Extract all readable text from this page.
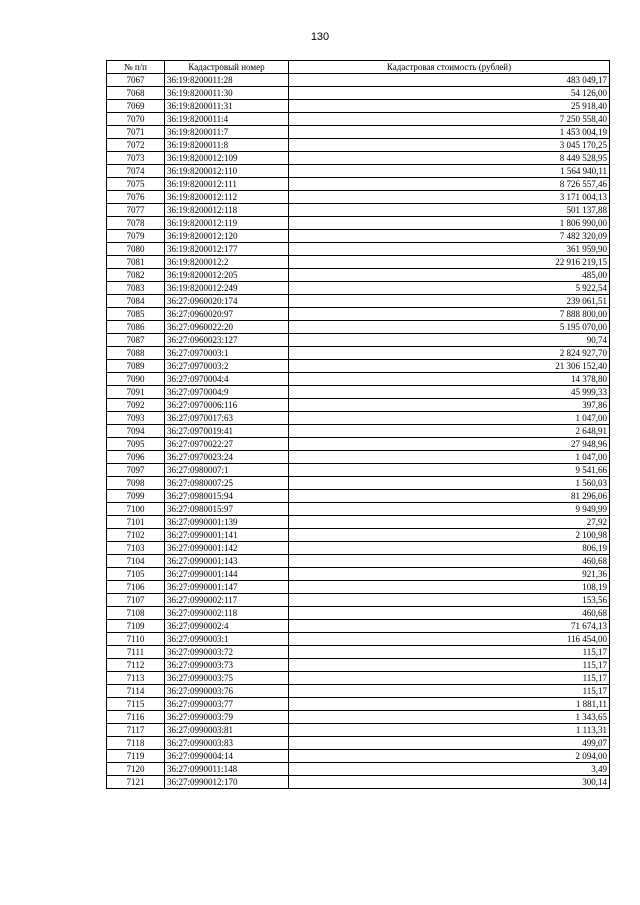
130
№ п/п	Кадастровый номер	Кадастровая стоимость (рублей)
7067	36:19:8200011:28	483 049,17
7068	36:19:8200011:30	54 126,00
7069	36:19:8200011:31	25 918,40
7070	36:19:8200011:4	7 250 558,40
7071	36:19:8200011:7	1 453 004,19
7072	36:19:8200011:8	3 045 170,25
7073	36:19:8200012:109	8 449 528,95
7074	36:19:8200012:110	1 564 940,11
7075	36:19:8200012:111	8 726 557,46
7076	36:19:8200012:112	3 171 004,13
7077	36:19:8200012:118	501 137,88
7078	36:19:8200012:119	1 806 990,00
7079	36:19:8200012:120	7 482 320,09
7080	36:19:8200012:177	361 959,90
7081	36:19:8200012:2	22 916 219,15
7082	36:19:8200012:205	485,00
7083	36:19:8200012:249	5 922,54
7084	36:27:0960020:174	239 061,51
7085	36:27:0960020:97	7 888 800,00
7086	36:27:0960022:20	5 195 070,00
7087	36:27:0960023:127	90,74
7088	36:27:0970003:1	2 824 927,70
7089	36:27:0970003:2	21 306 152,40
7090	36:27:0970004:4	14 378,80
7091	36:27:0970004:9	45 999,33
7092	36:27:0970006:116	397,86
7093	36:27:0970017:63	1 047,00
7094	36:27:0970019:41	2 648,91
7095	36:27:0970022:27	27 948,96
7096	36:27:0970023:24	1 047,00
7097	36:27:0980007:1	9 541,66
7098	36:27:0980007:25	1 560,03
7099	36:27:0980015:94	81 296,06
7100	36:27:0980015:97	9 949,99
7101	36:27:0990001:139	27,92
7102	36:27:0990001:141	2 100,98
7103	36:27:0990001:142	806,19
7104	36:27:0990001:143	460,68
7105	36:27:0990001:144	921,36
7106	36:27:0990001:147	108,19
7107	36:27:0990002:117	153,56
7108	36:27:0990002:118	460,68
7109	36:27:0990002:4	71 674,13
7110	36:27:0990003:1	116 454,00
7111	36:27:0990003:72	115,17
7112	36:27:0990003:73	115,17
7113	36:27:0990003:75	115,17
7114	36:27:0990003:76	115,17
7115	36:27:0990003:77	1 881,11
7116	36:27:0990003:79	1 343,65
7117	36:27:0990003:81	1 113,31
7118	36:27:0990003:83	499,07
7119	36:27:0990004:14	2 094,00
7120	36:27:0990011:148	3,49
7121	36:27:0990012:170	300,14
